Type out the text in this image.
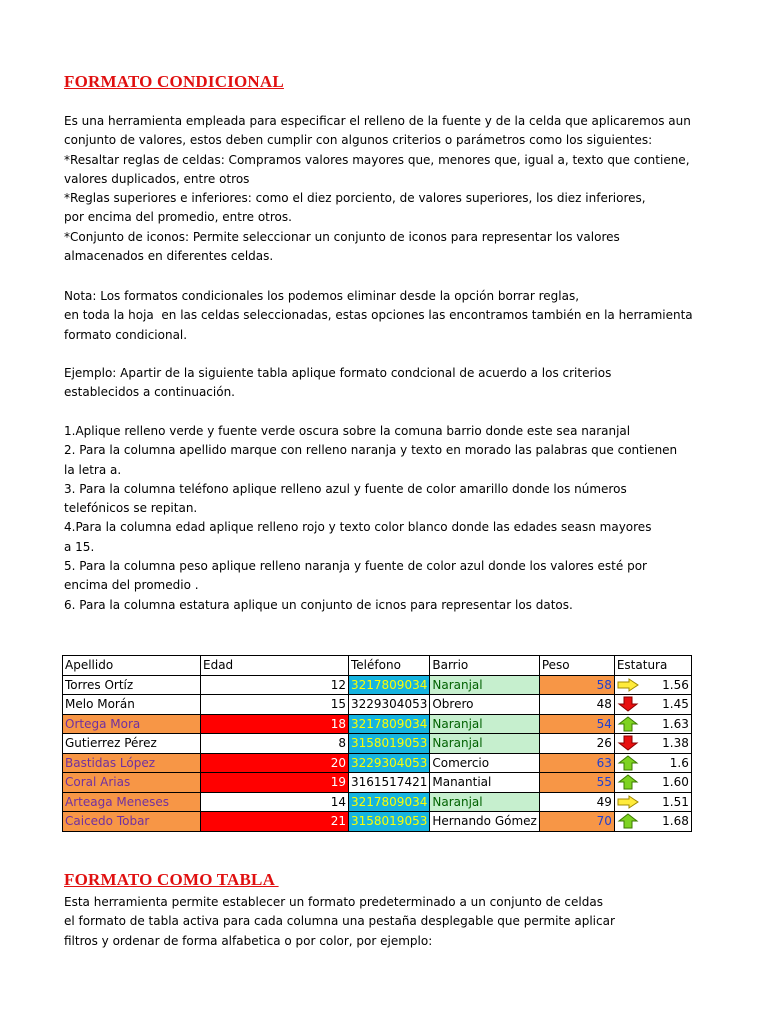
FORMATO CONDICIONAL
Es una herramienta empleada para especificar el relleno de la fuente y de la celda que aplicaremos aun
conjunto de valores, estos deben cumplir con algunos criterios o parámetros como los siguientes:
*Resaltar reglas de celdas: Compramos valores mayores que, menores que, igual a, texto que contiene,
valores duplicados, entre otros
*Reglas superiores e inferiores: como el diez porciento, de valores superiores, los diez inferiores,
por encima del promedio, entre otros.
*Conjunto de iconos: Permite seleccionar un conjunto de iconos para representar los valores
almacenados en diferentes celdas.
Nota: Los formatos condicionales los podemos eliminar desde la opción borrar reglas,
en toda la hoja  en las celdas seleccionadas, estas opciones las encontramos también en la herramienta
formato condicional.
Ejemplo: Apartir de la siguiente tabla aplique formato condcional de acuerdo a los criterios
establecidos a continuación.
1.Aplique relleno verde y fuente verde oscura sobre la comuna barrio donde este sea naranjal
2. Para la columna apellido marque con relleno naranja y texto en morado las palabras que contienen
la letra a.
3. Para la columna teléfono aplique relleno azul y fuente de color amarillo donde los números
telefónicos se repitan.
4.Para la columna edad aplique relleno rojo y texto color blanco donde las edades seasn mayores
a 15.
5. Para la columna peso aplique relleno naranja y fuente de color azul donde los valores esté por
encima del promedio .
6. Para la columna estatura aplique un conjunto de icnos para representar los datos.
Apellido	Edad	Teléfono	Barrio	Peso	Estatura
Torres Ortíz	12	3217809034	Naranjal	58	1.56

Melo Morán	15	3229304053	Obrero	48	1.45

Ortega Mora	18	3217809034	Naranjal	54	1.63

Gutierrez Pérez	8	3158019053	Naranjal	26	1.38

Bastidas López	20	3229304053	Comercio	63	1.6

Coral Arias	19	3161517421	Manantial	55	1.60

Arteaga Meneses	14	3217809034	Naranjal	49	1.51

Caicedo Tobar	21	3158019053	Hernando Gómez	70	1.68
FORMATO COMO TABLA
Esta herramienta permite establecer un formato predeterminado a un conjunto de celdas
el formato de tabla activa para cada columna una pestaña desplegable que permite aplicar
filtros y ordenar de forma alfabetica o por color, por ejemplo:
